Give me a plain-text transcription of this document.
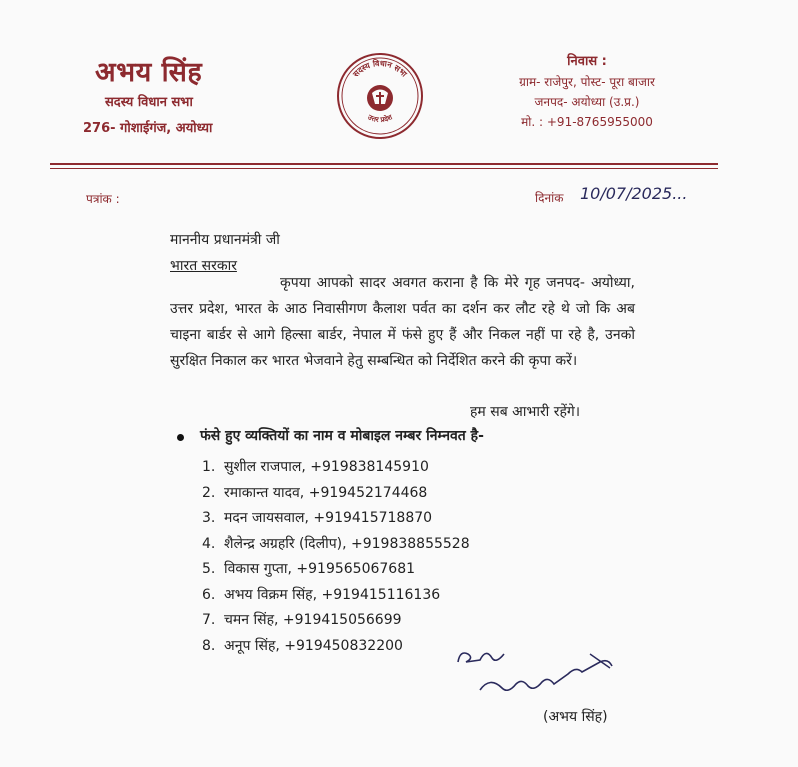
अभय सिंह
सदस्य विधान सभा
276- गोशाईगंज, अयोध्या
सदस्य विधान सभा
उत्तर प्रदेश
निवास :
ग्राम- राजेपुर, पोस्ट- पूरा बाजार
जनपद- अयोध्या (उ.प्र.)
मो. : +91-8765955000
पत्रांक :	दिनांक 10/07/2025...
माननीय प्रधानमंत्री जी
भारत सरकार
कृपया आपको सादर अवगत कराना है कि मेरे गृह जनपद- अयोध्या, उत्तर प्रदेश, भारत के आठ निवासीगण कैलाश पर्वत का दर्शन कर लौट रहे थे जो कि अब चाइना बार्डर से आगे हिल्सा बार्डर, नेपाल में फंसे हुए हैं और निकल नहीं पा रहे है, उनको सुरक्षित निकाल कर भारत भेजवाने हेतु सम्बन्धित को निर्देशित करने की कृपा करें।
हम सब आभारी रहेंगे।
फंसे हुए व्यक्तियों का नाम व मोबाइल नम्बर निम्नवत है-
1. सुशील राजपाल, +919838145910
2. रमाकान्त यादव, +919452174468
3. मदन जायसवाल, +919415718870
4. शैलेन्द्र अग्रहरि (दिलीप), +919838855528
5. विकास गुप्ता, +919565067681
6. अभय विक्रम सिंह, +919415116136
7. चमन सिंह, +919415056699
8. अनूप सिंह, +919450832200
(अभय सिंह)
